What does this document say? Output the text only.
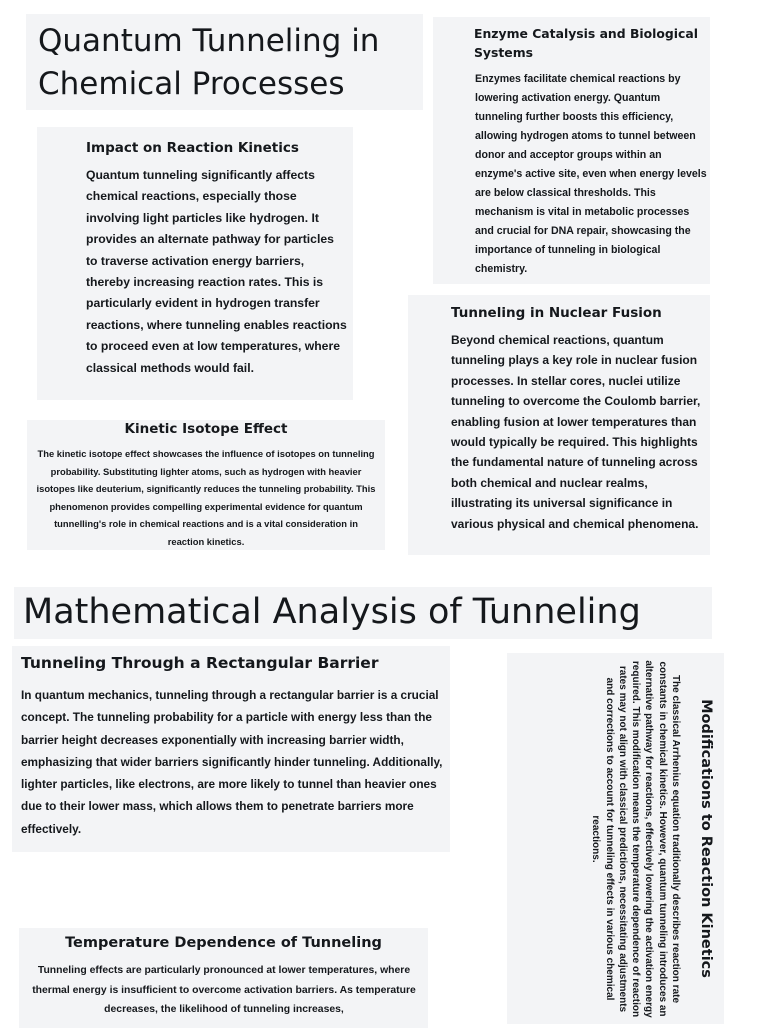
Quantum Tunneling in Chemical Processes
Impact on Reaction Kinetics

Quantum tunneling significantly affects chemical reactions, especially those involving light particles like hydrogen. It provides an alternate pathway for particles to traverse activation energy barriers, thereby increasing reaction rates. This is particularly evident in hydrogen transfer reactions, where tunneling enables reactions to proceed even at low temperatures, where classical methods would fail.

Kinetic Isotope Effect

The kinetic isotope effect showcases the influence of isotopes on tunneling probability. Substituting lighter atoms, such as hydrogen with heavier isotopes like deuterium, significantly reduces the tunneling probability. This phenomenon provides compelling experimental evidence for quantum tunnelling's role in chemical reactions and is a vital consideration in reaction kinetics.

Enzyme Catalysis and Biological Systems

Enzymes facilitate chemical reactions by lowering activation energy. Quantum tunneling further boosts this efficiency, allowing hydrogen atoms to tunnel between donor and acceptor groups within an enzyme's active site, even when energy levels are below classical thresholds. This mechanism is vital in metabolic processes and crucial for DNA repair, showcasing the importance of tunneling in biological chemistry.

Tunneling in Nuclear Fusion

Beyond chemical reactions, quantum tunneling plays a key role in nuclear fusion processes. In stellar cores, nuclei utilize tunneling to overcome the Coulomb barrier, enabling fusion at lower temperatures than would typically be required. This highlights the fundamental nature of tunneling across both chemical and nuclear realms, illustrating its universal significance in various physical and chemical phenomena.

Mathematical Analysis of Tunneling
Tunneling Through a Rectangular Barrier

In quantum mechanics, tunneling through a rectangular barrier is a crucial concept. The tunneling probability for a particle with energy less than the barrier height decreases exponentially with increasing barrier width, emphasizing that wider barriers significantly hinder tunneling. Additionally, lighter particles, like electrons, are more likely to tunnel than heavier ones due to their lower mass, which allows them to penetrate barriers more effectively.	Modifications to Reaction Kinetics

The classical Arrhenius equation traditionally describes reaction rate constants in chemical kinetics. However, quantum tunneling introduces an alternative pathway for reactions, effectively lowering the activation energy required. This modification means the temperature dependence of reaction rates may not align with classical predictions, necessitating adjustments and corrections to account for tunneling effects in various chemical reactions.

Temperature Dependence of Tunneling

Tunneling effects are particularly pronounced at lower temperatures, where thermal energy is insufficient to overcome activation barriers. As temperature decreases, the likelihood of tunneling increases,
